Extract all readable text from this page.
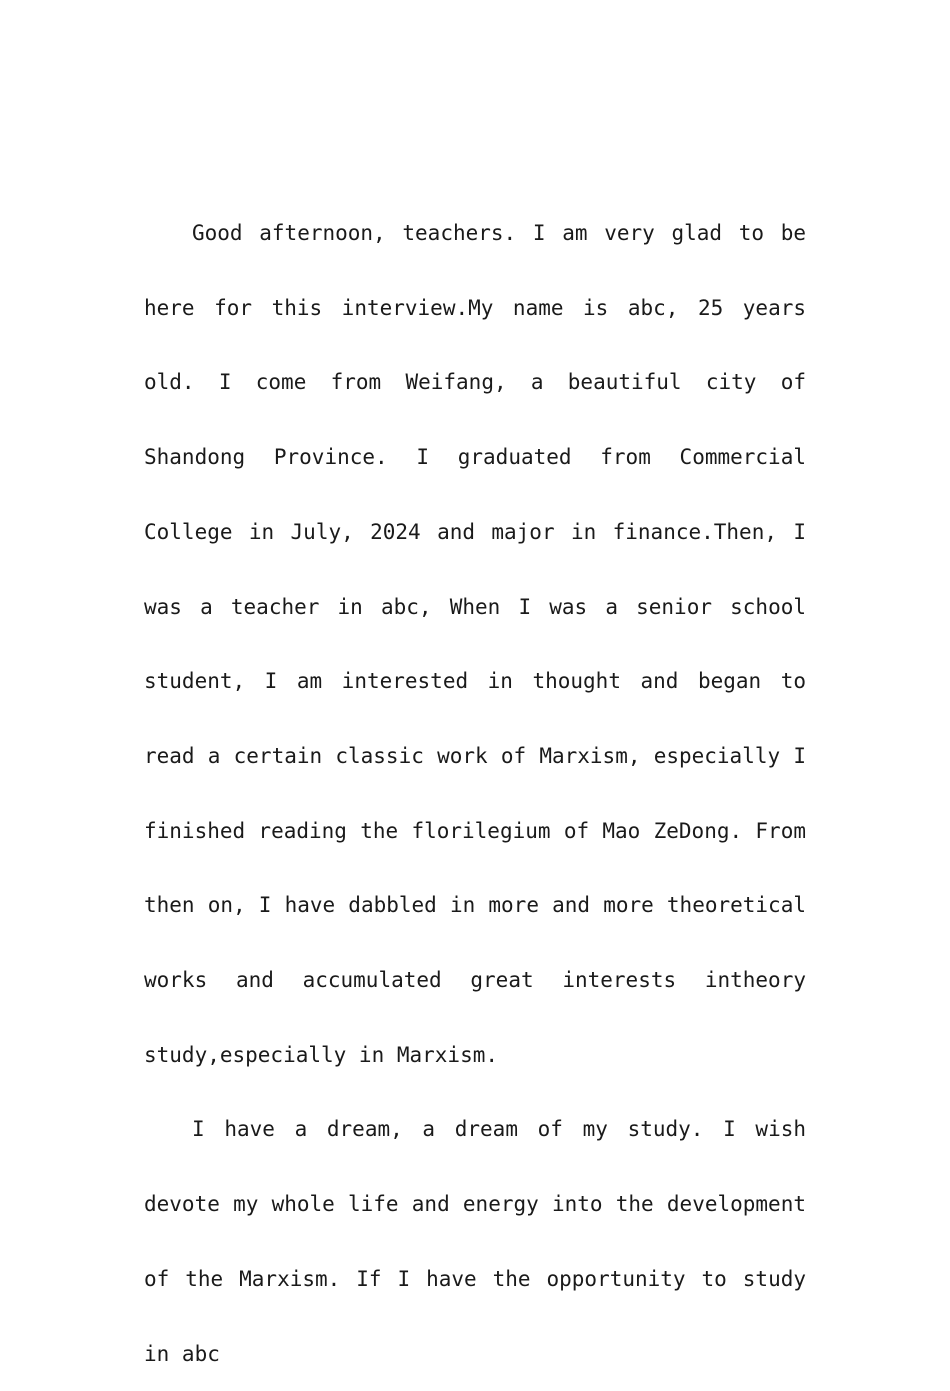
Good afternoon, teachers. I am very glad to be here for this interview.My name is abc, 25 years old. I come from Weifang, a beautiful city of Shandong Province. I graduated from Commercial College in July, 2024 and major in finance.Then, I was a teacher in abc, When I was a senior school student, I am interested in thought and began to read a certain classic work of Marxism, especially I finished reading the florilegium of Mao ZeDong. From then on, I have dabbled in more and more theoretical works and accumulated great interests intheory study,especially in Marxism.

I have a dream, a dream of my study. I wish devote my whole life and energy into the development of the Marxism. If I have the opportunity to study in abc
